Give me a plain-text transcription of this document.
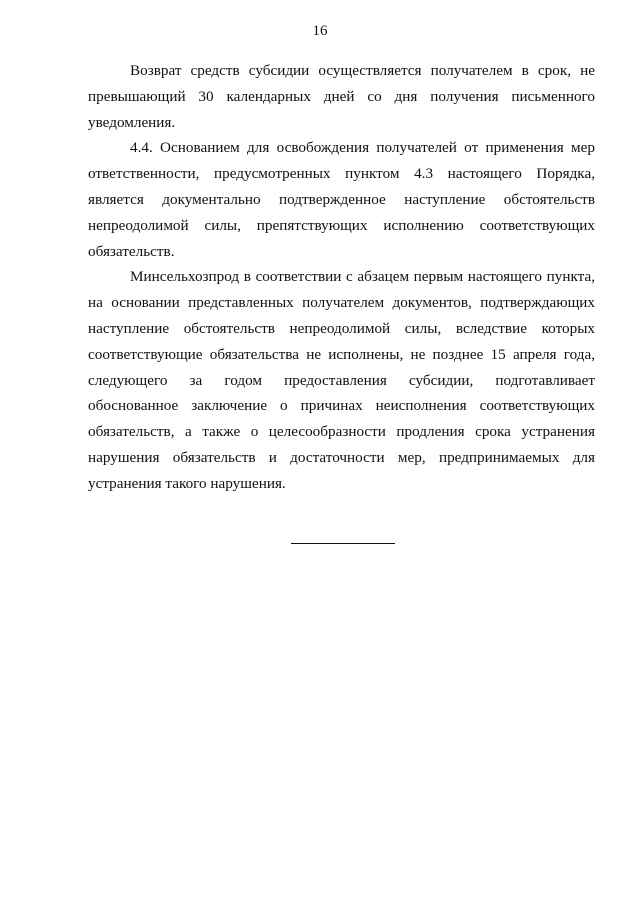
16

Возврат средств субсидии осуществляется получателем в срок, не превышающий 30 календарных дней со дня получения письменного уведомления.

4.4. Основанием для освобождения получателей от применения мер ответственности, предусмотренных пунктом 4.3 настоящего Порядка, является документально подтвержденное наступление обстоятельств непреодолимой силы, препятствующих исполнению соответствующих обязательств.

Минсельхозпрод в соответствии с абзацем первым настоящего пункта, на основании представленных получателем документов, подтверждающих наступление обстоятельств непреодолимой силы, вследствие которых соответствующие обязательства не исполнены, не позднее 15 апреля года, следующего за годом предоставления субсидии, подготавливает обоснованное заключение о причинах неисполнения соответствующих обязательств, а также о целесообразности продления срока устранения нарушения обязательств и достаточности мер, предпринимаемых для устранения такого нарушения.
